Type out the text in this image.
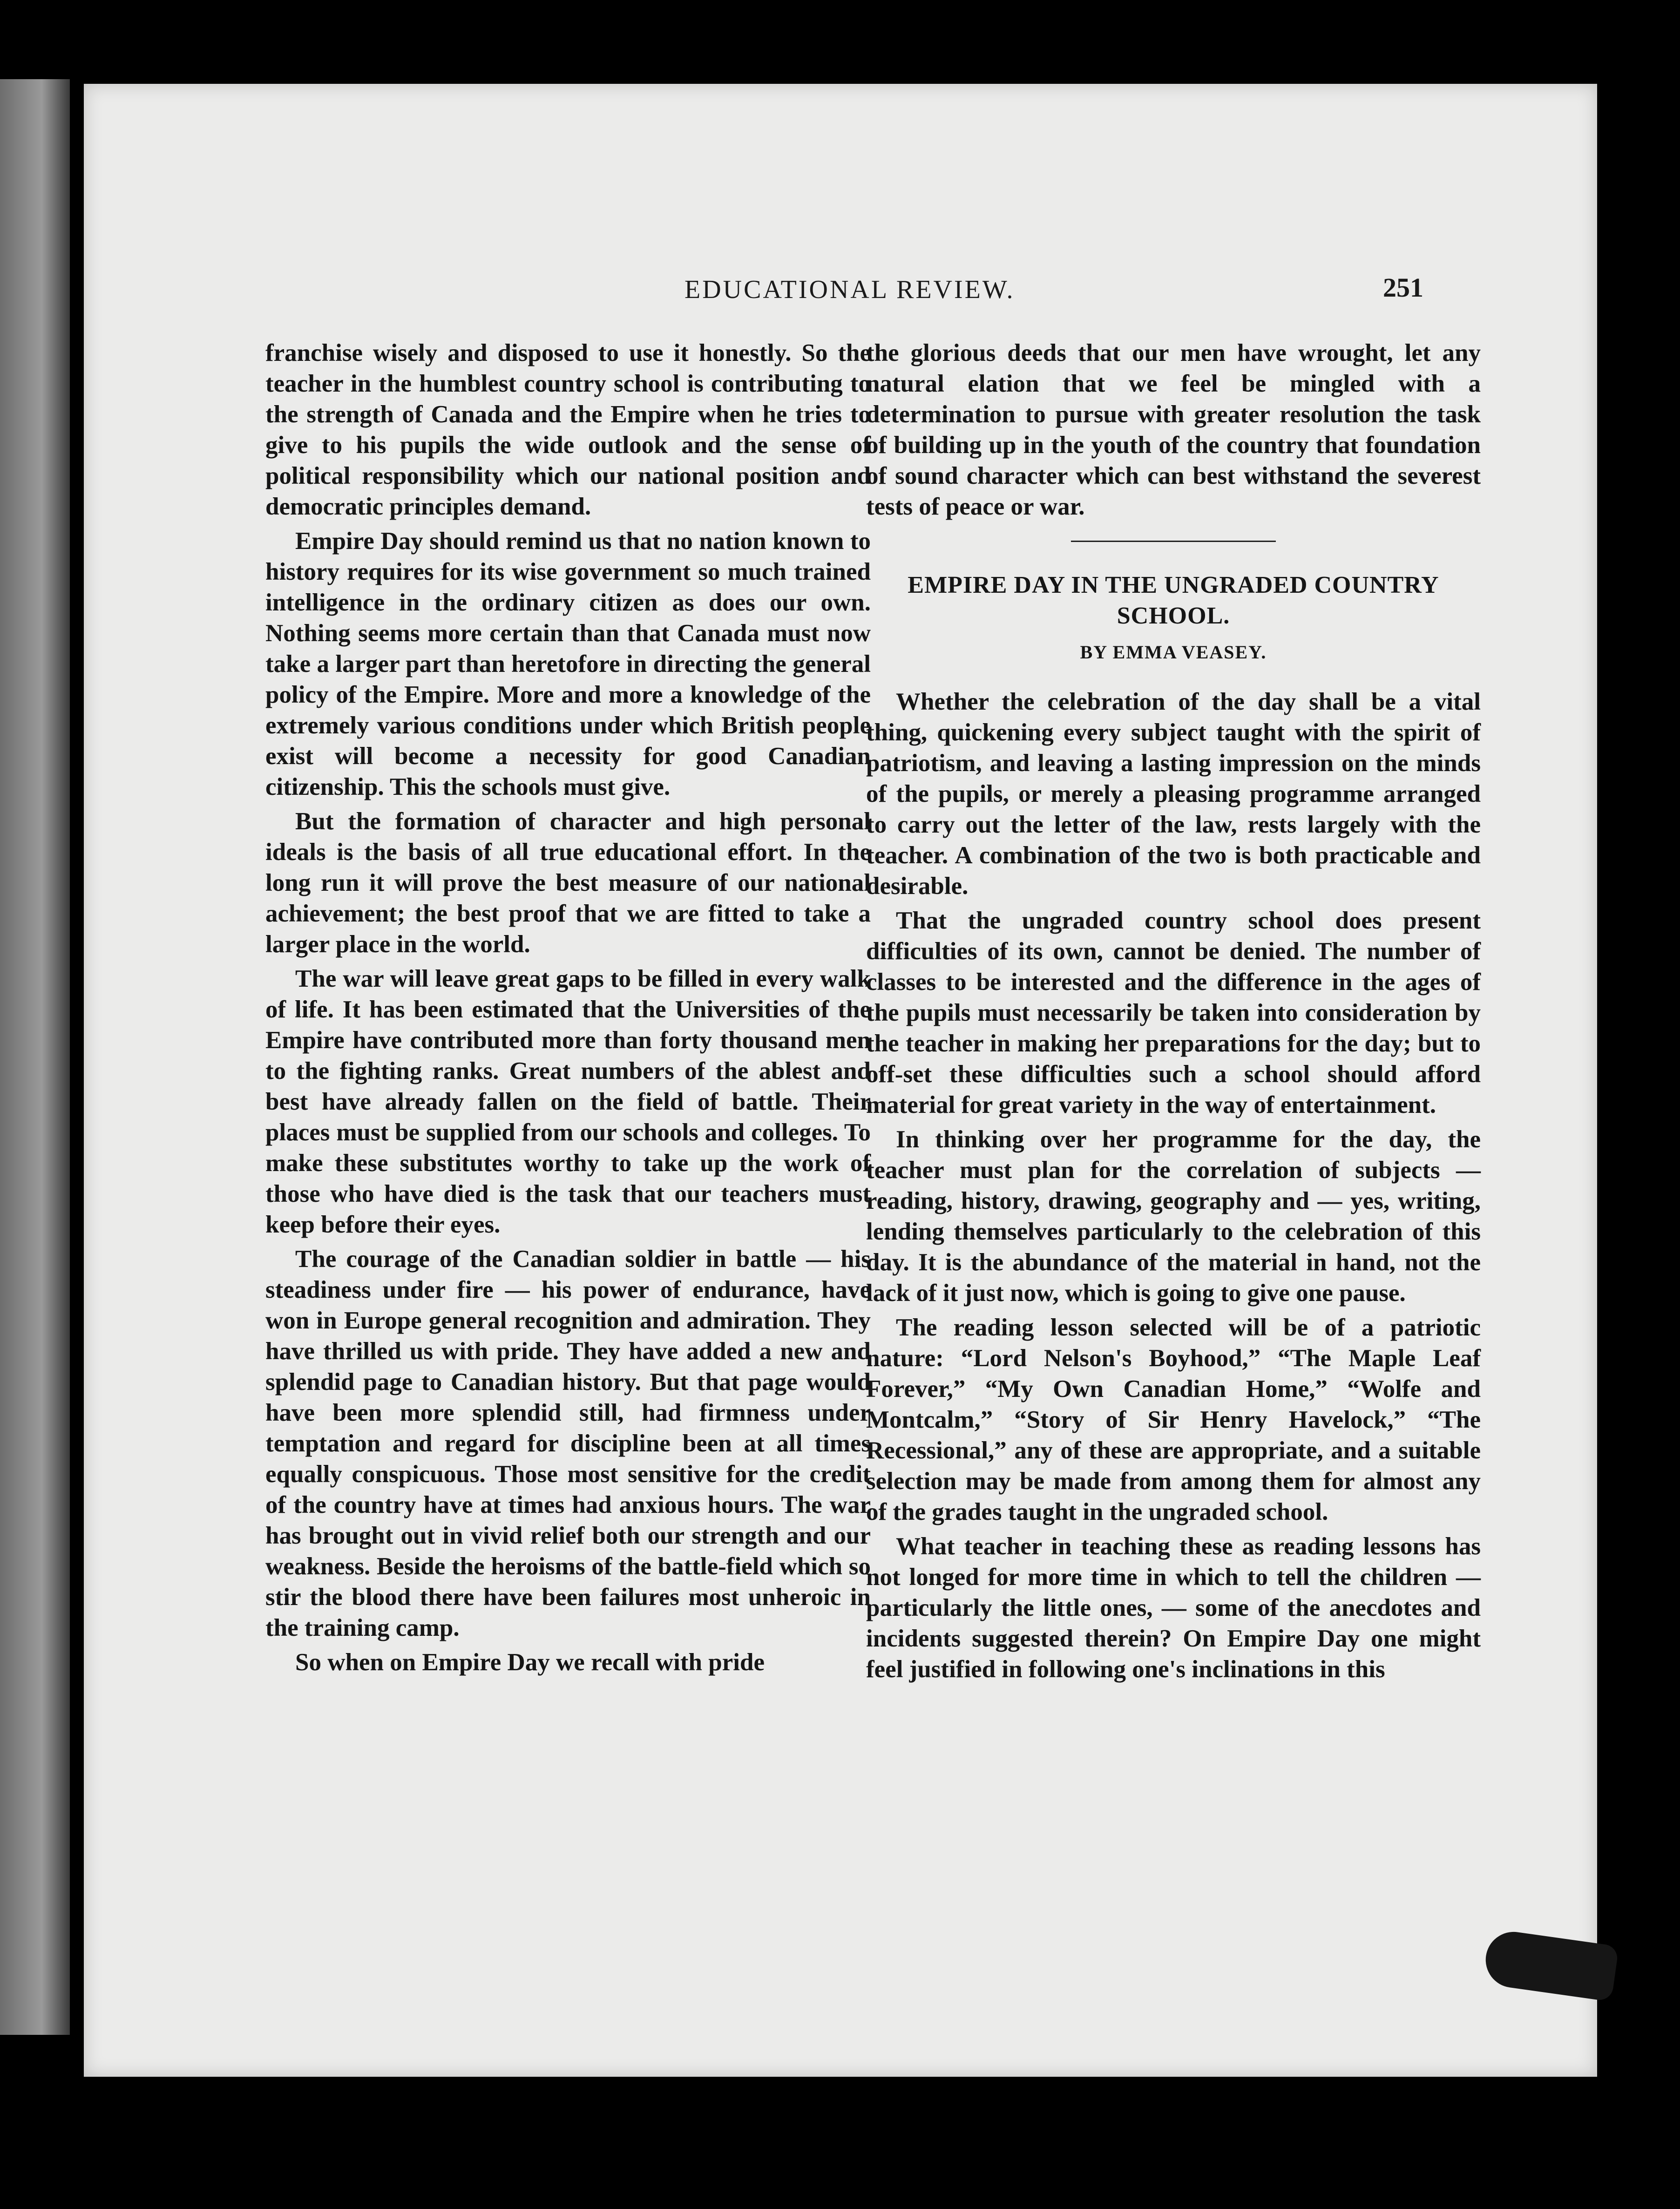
EDUCATIONAL REVIEW.	251

franchise wisely and disposed to use it honestly. So the teacher in the humblest country school is contributing to the strength of Canada and the Empire when he tries to give to his pupils the wide outlook and the sense of political responsibility which our national position and democratic principles demand.

Empire Day should remind us that no nation known to history requires for its wise government so much trained intelligence in the ordinary citizen as does our own. Nothing seems more certain than that Canada must now take a larger part than heretofore in directing the general policy of the Empire. More and more a knowledge of the extremely various conditions under which British people exist will become a necessity for good Canadian citizenship. This the schools must give.

But the formation of character and high personal ideals is the basis of all true educational effort. In the long run it will prove the best measure of our national achievement; the best proof that we are fitted to take a larger place in the world.

The war will leave great gaps to be filled in every walk of life. It has been estimated that the Universities of the Empire have contributed more than forty thousand men to the fighting ranks. Great numbers of the ablest and best have already fallen on the field of battle. Their places must be supplied from our schools and colleges. To make these substitutes worthy to take up the work of those who have died is the task that our teachers must keep before their eyes.

The courage of the Canadian soldier in battle — his steadiness under fire — his power of endurance, have won in Europe general recognition and admiration. They have thrilled us with pride. They have added a new and splendid page to Canadian history. But that page would have been more splendid still, had firmness under temptation and regard for discipline been at all times equally conspicuous. Those most sensitive for the credit of the country have at times had anxious hours. The war has brought out in vivid relief both our strength and our weakness. Beside the heroisms of the battle-field which so stir the blood there have been failures most unheroic in the training camp.

So when on Empire Day we recall with pride

the glorious deeds that our men have wrought, let any natural elation that we feel be mingled with a determination to pursue with greater resolution the task of building up in the youth of the country that foundation of sound character which can best withstand the severest tests of peace or war.

EMPIRE DAY IN THE UNGRADED COUNTRY SCHOOL.
BY EMMA VEASEY.

Whether the celebration of the day shall be a vital thing, quickening every subject taught with the spirit of patriotism, and leaving a lasting impression on the minds of the pupils, or merely a pleasing programme arranged to carry out the letter of the law, rests largely with the teacher. A combination of the two is both practicable and desirable.

That the ungraded country school does present difficulties of its own, cannot be denied. The number of classes to be interested and the difference in the ages of the pupils must necessarily be taken into consideration by the teacher in making her preparations for the day; but to off-set these difficulties such a school should afford material for great variety in the way of entertainment.

In thinking over her programme for the day, the teacher must plan for the correlation of subjects — reading, history, drawing, geography and — yes, writing, lending themselves particularly to the celebration of this day. It is the abundance of the material in hand, not the lack of it just now, which is going to give one pause.

The reading lesson selected will be of a patriotic nature: “Lord Nelson's Boyhood,” “The Maple Leaf Forever,” “My Own Canadian Home,” “Wolfe and Montcalm,” “Story of Sir Henry Havelock,” “The Recessional,” any of these are appropriate, and a suitable selection may be made from among them for almost any of the grades taught in the ungraded school.

What teacher in teaching these as reading lessons has not longed for more time in which to tell the children — particularly the little ones, — some of the anecdotes and incidents suggested therein? On Empire Day one might feel justified in following one's inclinations in this
